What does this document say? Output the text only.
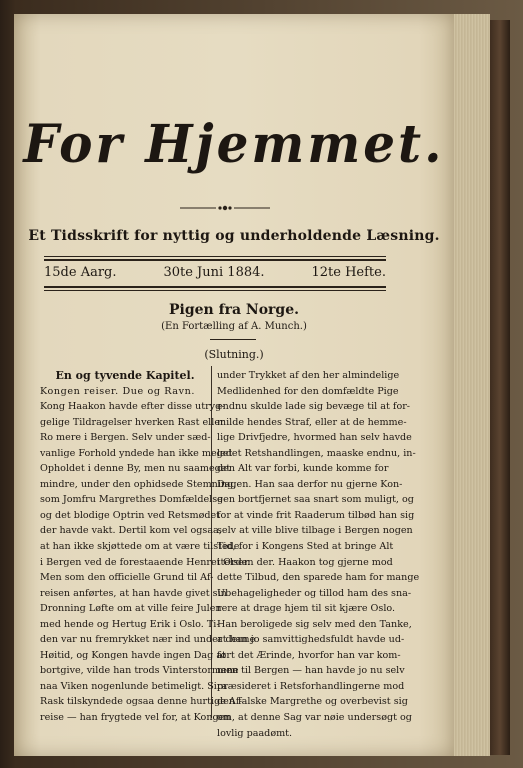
For Hjemmet.
Et Tidsskrift for nyttig og underholdende Læsning.
15de Aarg.	30te Juni 1884.	12te Hefte.
Pigen fra Norge.
(En Fortælling af A. Munch.)
(Slutning.)
En og tyvende Kapitel.
Kongen reiser. Due og Ravn.
Kong Haakon havde efter disse utryg-
gelige Tildragelser hverken Rast eller
Ro mere i Bergen. Selv under sæd-
vanlige Forhold yndede han ikke meget
Opholdet i denne By, men nu saameget
mindre, under den ophidsede Stemning,
som Jomfru Margrethes Domfældelse
og det blodige Optrin ved Retsmødet
der havde vakt. Dertil kom vel ogsaa,
at han ikke skjøttede om at være tilstede
i Bergen ved de forestaaende Henrettelser.
Men som den officielle Grund til Af-
reisen anførtes, at han havde givet sin
Dronning Løfte om at ville feire Julen
med hende og Hertug Erik i Oslo. Ti-
den var nu fremrykket nær ind under denne
Høitid, og Kongen havde ingen Dag at
bortgive, vilde han trods Vinterstormene
naa Viken nogenlunde betimeligt. Sira
Rask tilskyndede ogsaa denne hurtige Af-
reise — han frygtede vel for, at Kongen
under Trykket af den her almindelige
Medlidenhed for den domfældte Pige
endnu skulde lade sig bevæge til at for-
milde hendes Straf, eller at de hemme-
lige Drivfjedre, hvormed han selv havde
ledet Retshandlingen, maaske endnu, in-
den Alt var forbi, kunde komme for
Dagen. Han saa derfor nu gjerne Kon-
gen bortfjernet saa snart som muligt, og
for at vinde frit Raaderum tilbød han sig
selv at ville blive tilbage i Bergen nogen
Tid, for i Kongens Sted at bringe Alt
i Orden der. Haakon tog gjerne mod
dette Tilbud, den sparede ham for mange
Ubehageligheder og tillod ham des sna-
rere at drage hjem til sit kjære Oslo.
Han beroligede sig selv med den Tanke,
at han jo samvittighedsfuldt havde ud-
ført det Ærinde, hvorfor han var kom-
men til Bergen — han havde jo nu selv
præsideret i Retsforhandlingerne mod
den falske Margrethe og overbevist sig
om, at denne Sag var nøie undersøgt og
lovlig paadømt.
